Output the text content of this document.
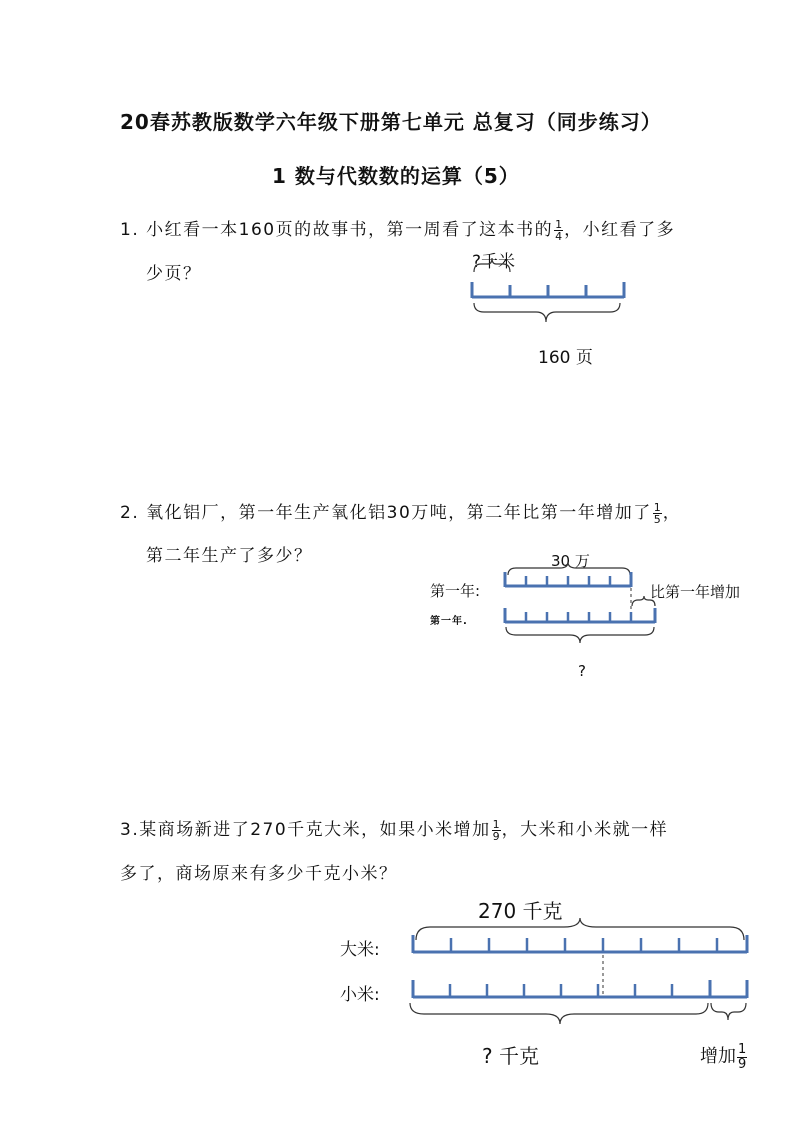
20春苏教版数学六年级下册第七单元 总复习（同步练习）
1 数与代数数的运算（5）
1. 小红看一本160页的故事书，第一周看了这本书的 $\frac{1}{4}$ ，小红看了多
少页？
?千米
160 页
2. 氧化铝厂，第一年生产氧化铝30万吨，第二年比第一年增加了 $\frac{1}{5}$ ，
第二年生产了多少？	30 万
第一年:
第一年.
比第一年增加
?
3.某商场新进了270千克大米，如果小米增加 $\frac{1}{9}$ ，大米和小米就一样
多了，商场原来有多少千克小米？
270 千克
大米:
小米:
? 千克	增加 $\frac{1}{9}$
